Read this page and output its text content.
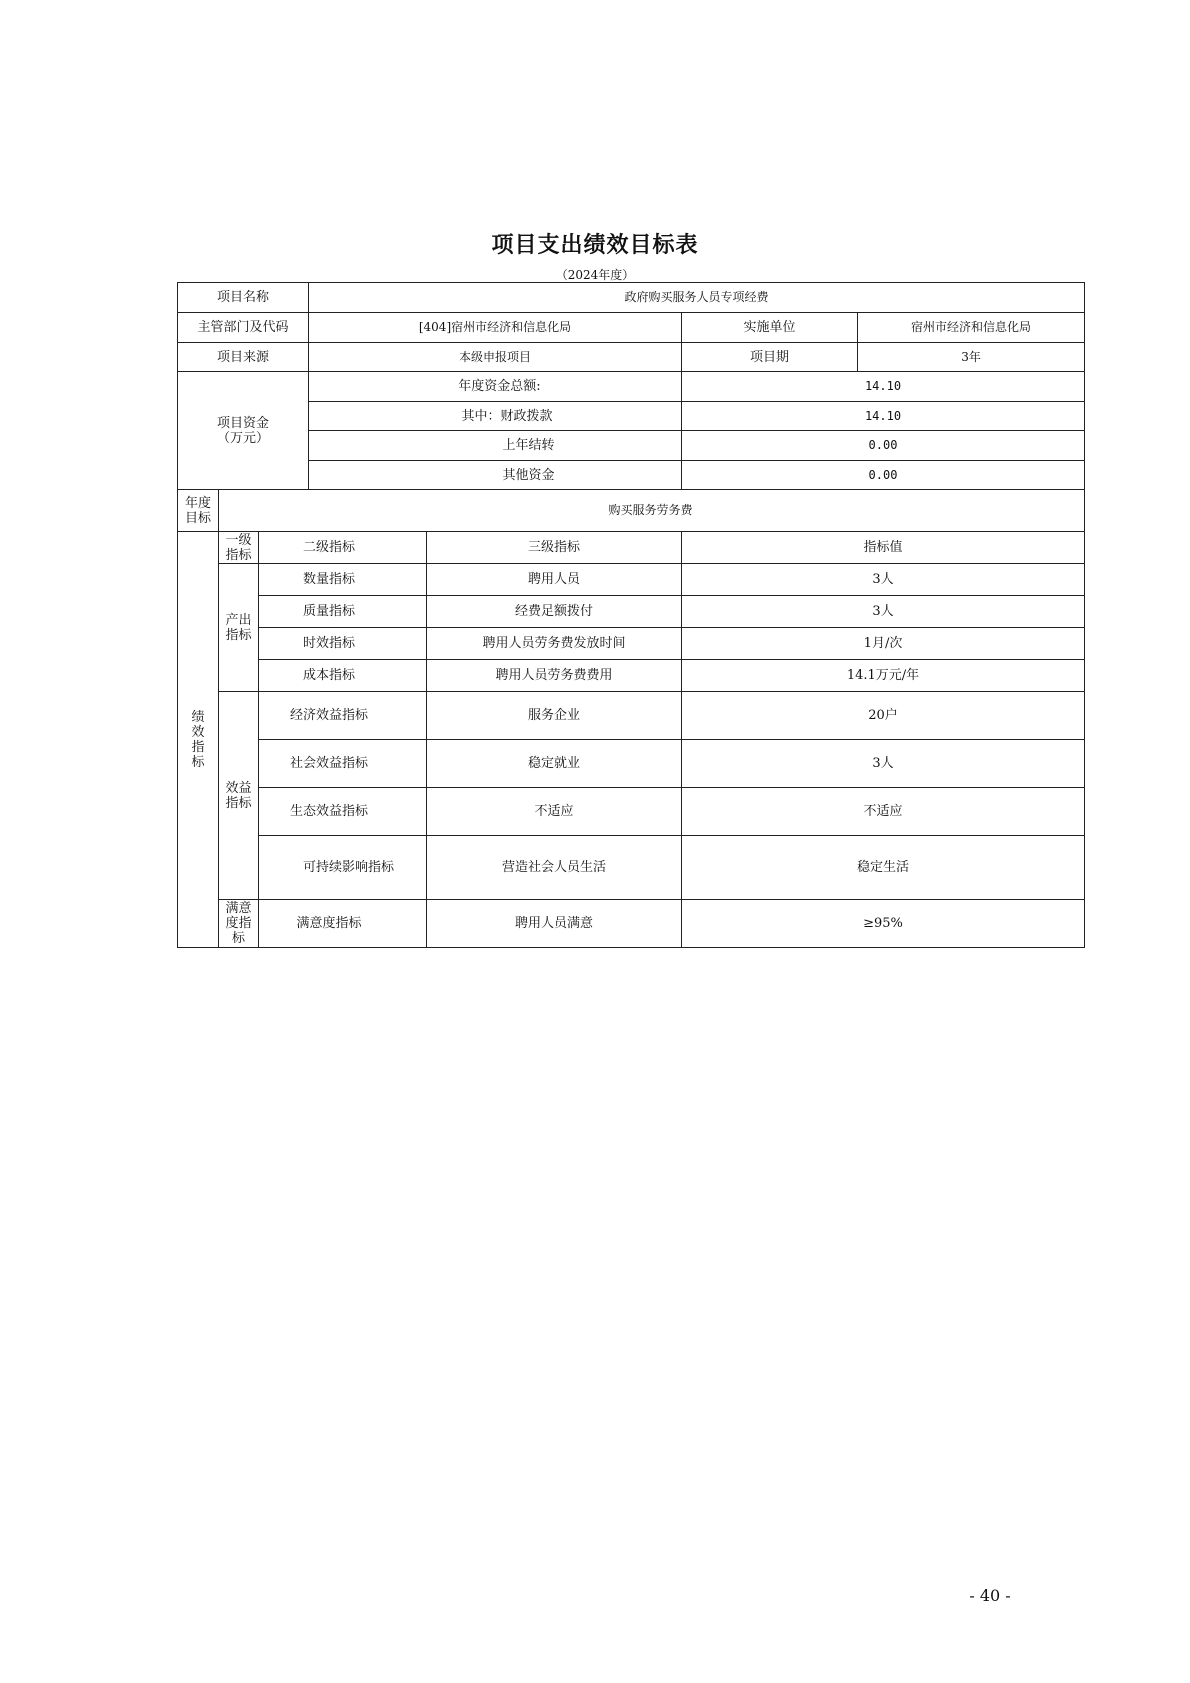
项目支出绩效目标表
（2024年度）
项目名称			政府购买服务人员专项经费			
主管部门及代码			[404]宿州市经济和信息化局		实施单位	宿州市经济和信息化局
项目来源			本级申报项目		项目期	3年

项目资金
（万元）			年度资金总额:		14.10	
			其中：财政拨款		14.10	
			上年结转		0.00	
			其他资金		0.00	
年度目标	购买服务劳务费					
绩效指标	一级指标	二级指标		三级指标	指标值	
	产出指标	数量指标		聘用人员	3人	
		质量指标		经费足额拨付	3人	
		时效指标		聘用人员劳务费发放时间	1月/次	
		成本指标		聘用人员劳务费费用	14.1万元/年	
	效益指标	经济效益指标		服务企业	20户	
		社会效益指标		稳定就业	3人	
		生态效益指标		不适应	不适应	
		可持续影响指标		营造社会人员生活	稳定生活	
	满意度指标	满意度指标		聘用人员满意	≥95%	
- 40 -
